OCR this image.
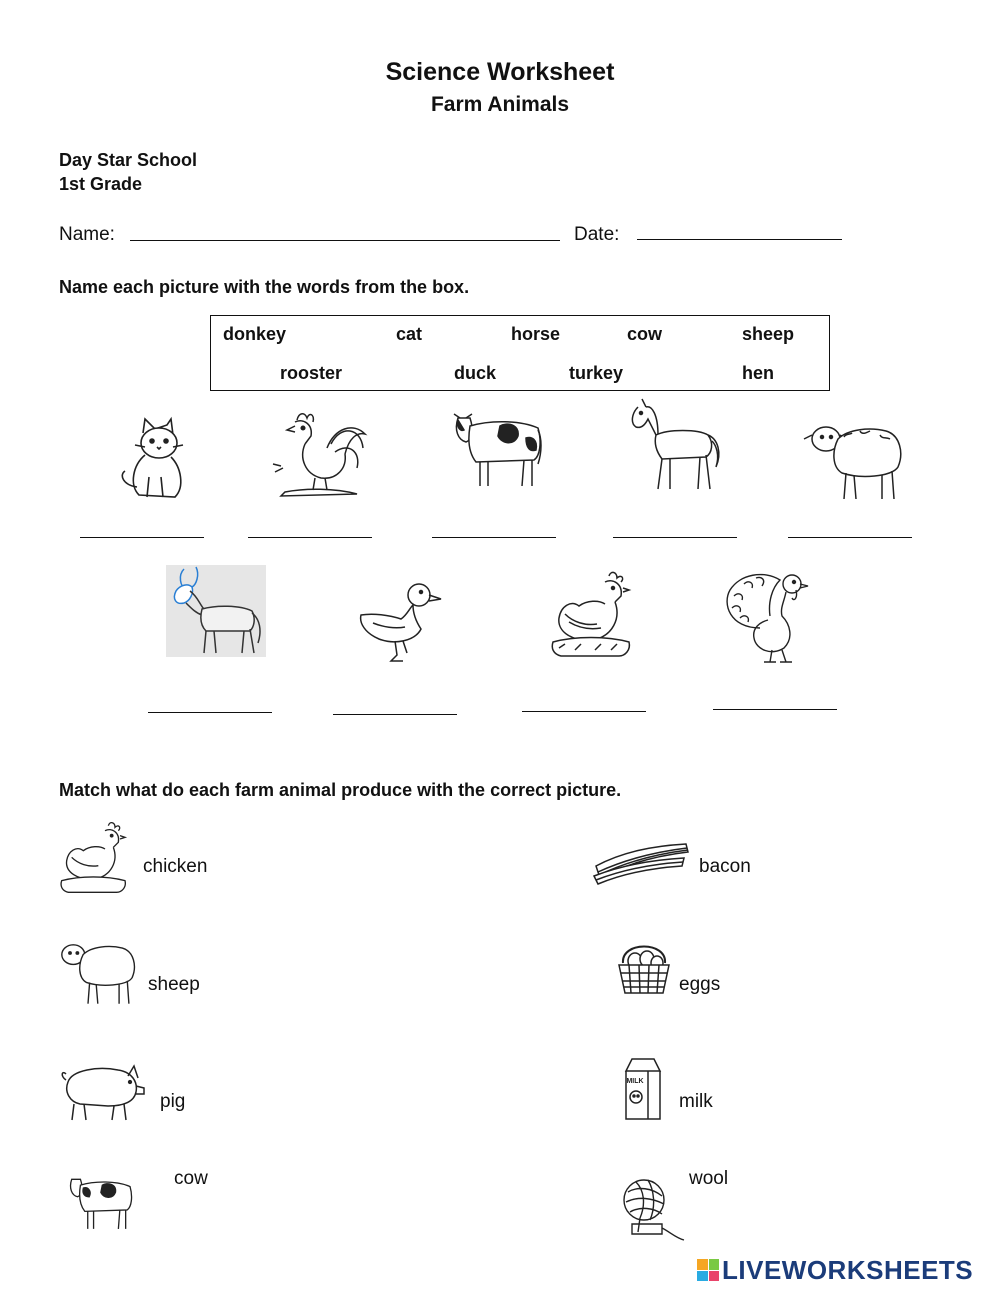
Science Worksheet
Farm Animals
Day Star School
1st Grade
Name:	Date:
Name each picture with the words from the box.
donkey	cat	horse	cow	sheep
rooster	duck	turkey	hen
Match what do each farm animal produce with the correct picture.
chicken
sheep
pig
cow
bacon
eggs
MILK
milk
wool
LIVEWORKSHEETS
